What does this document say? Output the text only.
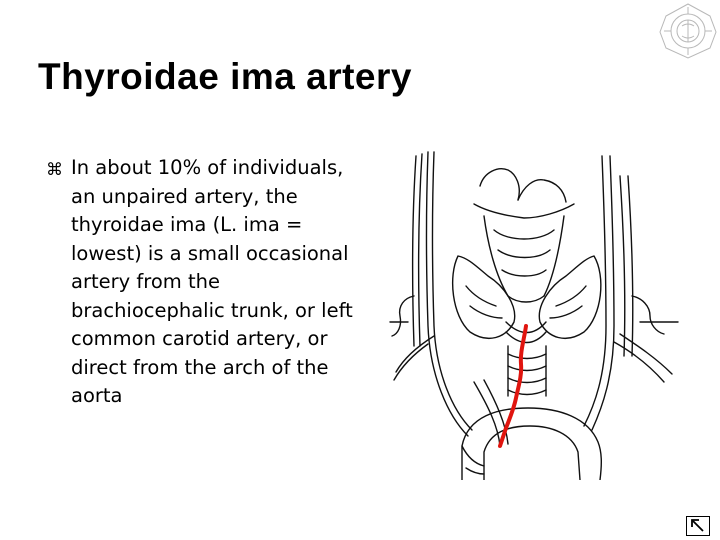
Thyroidae ima artery
⌘ In about 10% of individuals, an unpaired artery, the thyroidae ima (L. ima = lowest) is a small occasional artery from the brachiocephalic trunk, or left common carotid artery, or direct from the arch of the aorta
